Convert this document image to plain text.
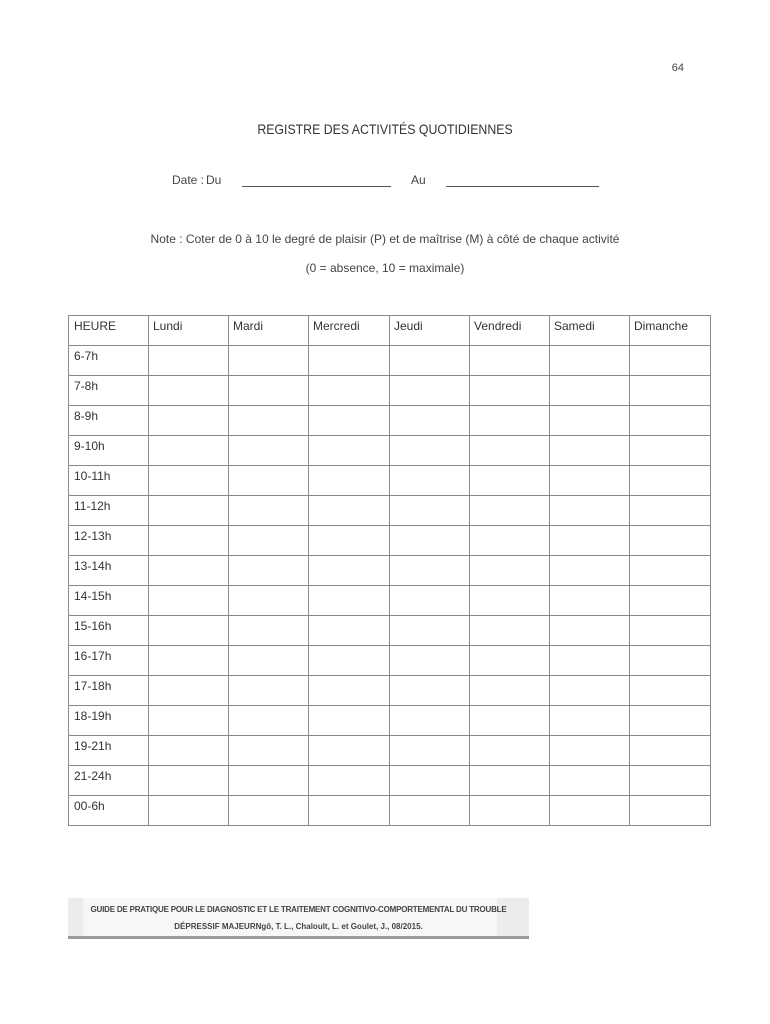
64
REGISTRE DES ACTIVITÉS QUOTIDIENNES
Date : Du	Au
Note : Coter de 0 à 10 le degré de plaisir (P) et de maîtrise (M) à côté de chaque activité
(0 = absence, 10 = maximale)
HEURE	Lundi	Mardi	Mercredi	Jeudi	Vendredi	Samedi	Dimanche
6-7h							
7-8h							
8-9h							
9-10h							
10-11h							
11-12h							
12-13h							
13-14h							
14-15h							
15-16h							
16-17h							
17-18h							
18-19h							
19-21h							
21-24h							
00-6h							
GUIDE DE PRATIQUE POUR LE DIAGNOSTIC ET LE TRAITEMENT COGNITIVO-COMPORTEMENTAL DU TROUBLE
DÉPRESSIF MAJEURNgô, T. L., Chaloult, L. et Goulet, J., 08/2015.
